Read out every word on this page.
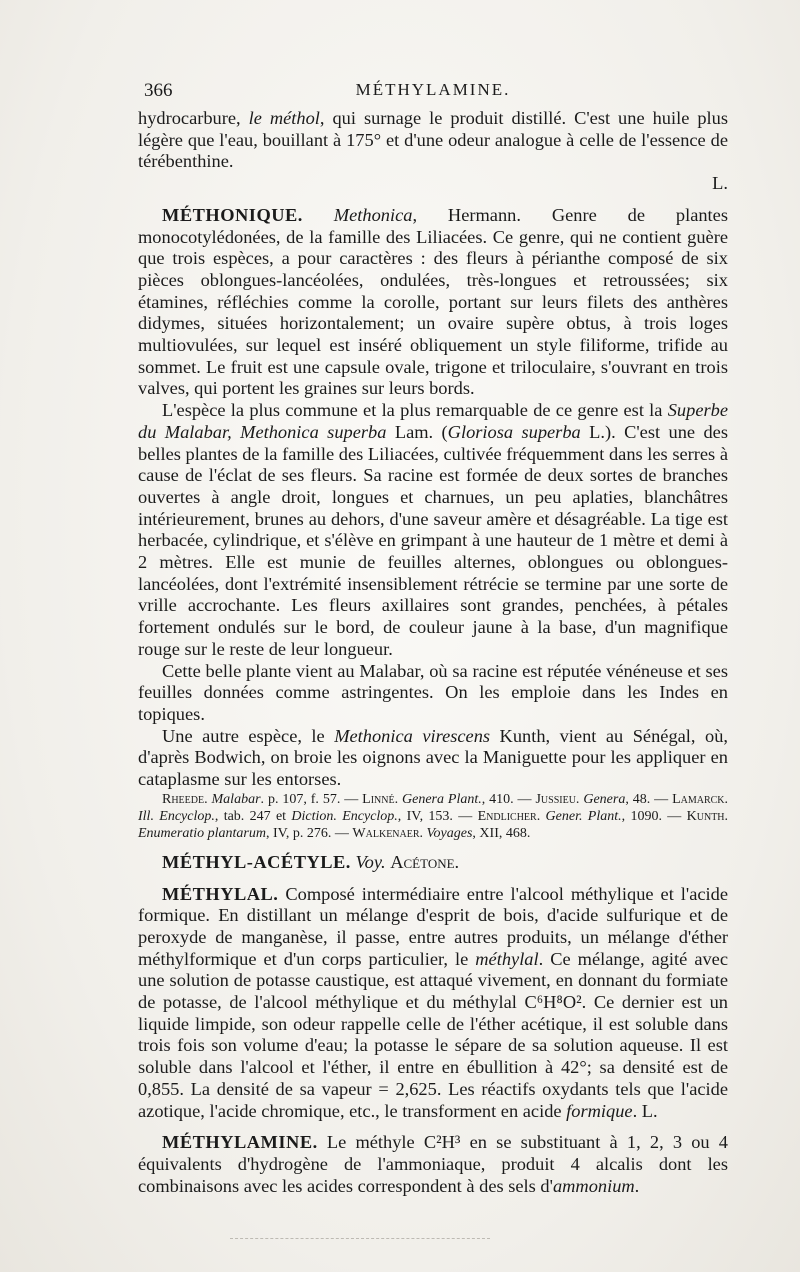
366	MÉTHYLAMINE.

hydrocarbure, le méthol, qui surnage le produit distillé. C'est une huile plus légère que l'eau, bouillant à 175° et d'une odeur analogue à celle de l'essence de térébenthine.

L.

MÉTHONIQUE. Methonica, Hermann. Genre de plantes monocotylédonées, de la famille des Liliacées. Ce genre, qui ne contient guère que trois espèces, a pour caractères : des fleurs à périanthe composé de six pièces oblongues-lancéolées, ondulées, très-longues et retroussées; six étamines, réfléchies comme la corolle, portant sur leurs filets des anthères didymes, situées horizontalement; un ovaire supère obtus, à trois loges multiovulées, sur lequel est inséré obliquement un style filiforme, trifide au sommet. Le fruit est une capsule ovale, trigone et triloculaire, s'ouvrant en trois valves, qui portent les graines sur leurs bords.

L'espèce la plus commune et la plus remarquable de ce genre est la Superbe du Malabar, Methonica superba Lam. (Gloriosa superba L.). C'est une des belles plantes de la famille des Liliacées, cultivée fréquemment dans les serres à cause de l'éclat de ses fleurs. Sa racine est formée de deux sortes de branches ouvertes à angle droit, longues et charnues, un peu aplaties, blanchâtres intérieurement, brunes au dehors, d'une saveur amère et désagréable. La tige est herbacée, cylindrique, et s'élève en grimpant à une hauteur de 1 mètre et demi à 2 mètres. Elle est munie de feuilles alternes, oblongues ou oblongues-lancéolées, dont l'extrémité insensiblement rétrécie se termine par une sorte de vrille accrochante. Les fleurs axillaires sont grandes, penchées, à pétales fortement ondulés sur le bord, de couleur jaune à la base, d'un magnifique rouge sur le reste de leur longueur.

Cette belle plante vient au Malabar, où sa racine est réputée vénéneuse et ses feuilles données comme astringentes. On les emploie dans les Indes en topiques.

Une autre espèce, le Methonica virescens Kunth, vient au Sénégal, où, d'après Bodwich, on broie les oignons avec la Maniguette pour les appliquer en cataplasme sur les entorses.

Rheede. Malabar. p. 107, f. 57. — Linné. Genera Plant., 410. — Jussieu. Genera, 48. — Lamarck. Ill. Encyclop., tab. 247 et Diction. Encyclop., IV, 153. — Endlicher. Gener. Plant., 1090. — Kunth. Enumeratio plantarum, IV, p. 276. — Walkenaer. Voyages, XII, 468.

MÉTHYL-ACÉTYLE. Voy. Acétone.

MÉTHYLAL. Composé intermédiaire entre l'alcool méthylique et l'acide formique. En distillant un mélange d'esprit de bois, d'acide sulfurique et de peroxyde de manganèse, il passe, entre autres produits, un mélange d'éther méthylformique et d'un corps particulier, le méthylal. Ce mélange, agité avec une solution de potasse caustique, est attaqué vivement, en donnant du formiate de potasse, de l'alcool méthylique et du méthylal C⁶H⁸O². Ce dernier est un liquide limpide, son odeur rappelle celle de l'éther acétique, il est soluble dans trois fois son volume d'eau; la potasse le sépare de sa solution aqueuse. Il est soluble dans l'alcool et l'éther, il entre en ébullition à 42°; sa densité est de 0,855. La densité de sa vapeur = 2,625. Les réactifs oxydants tels que l'acide azotique, l'acide chromique, etc., le transforment en acide formique. L.

MÉTHYLAMINE. Le méthyle C²H³ en se substituant à 1, 2, 3 ou 4 équivalents d'hydrogène de l'ammoniaque, produit 4 alcalis dont les combinaisons avec les acides correspondent à des sels d'ammonium.
